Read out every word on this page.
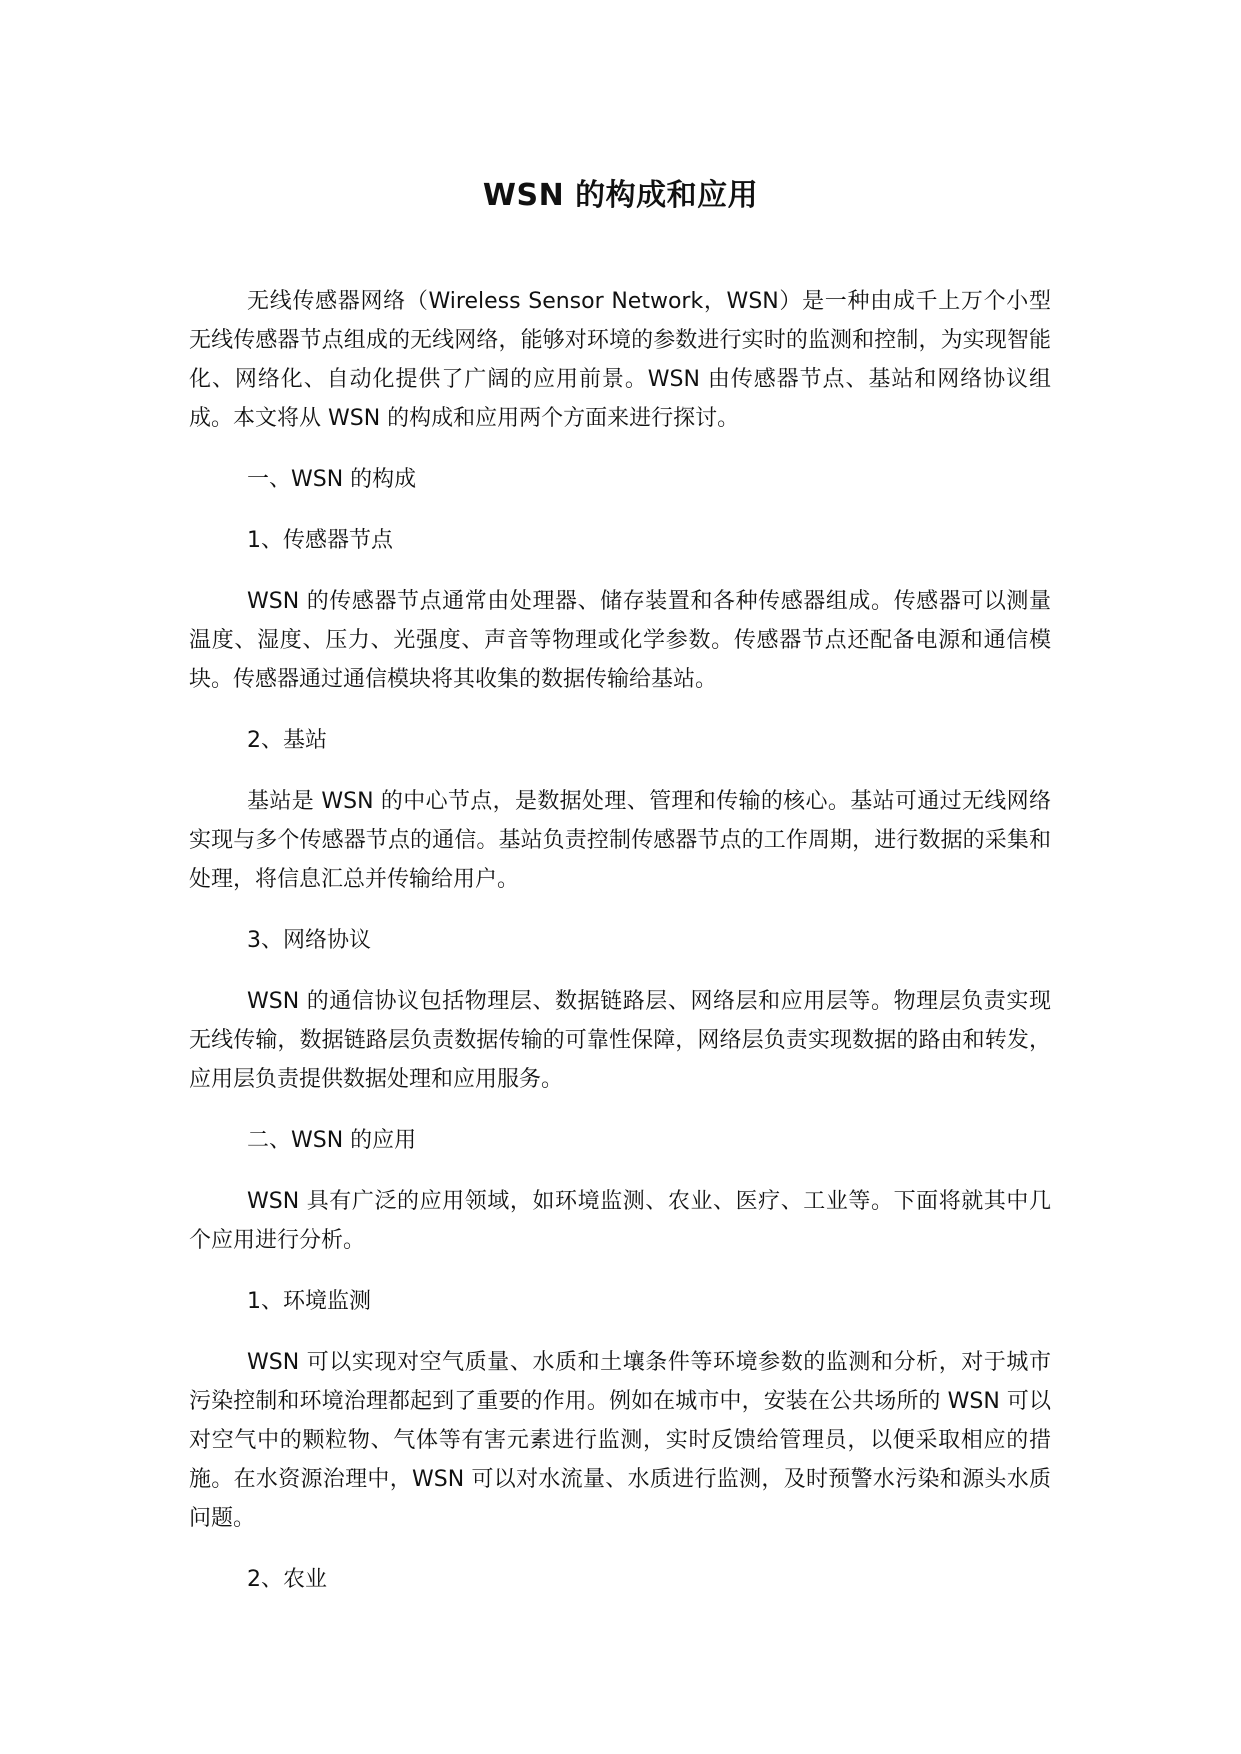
WSN 的构成和应用

无线传感器网络（Wireless Sensor Network，WSN）是一种由成千上万个小型无线传感器节点组成的无线网络，能够对环境的参数进行实时的监测和控制，为实现智能化、网络化、自动化提供了广阔的应用前景。WSN 由传感器节点、基站和网络协议组成。本文将从 WSN 的构成和应用两个方面来进行探讨。

一、WSN 的构成

1、传感器节点

WSN 的传感器节点通常由处理器、储存装置和各种传感器组成。传感器可以测量温度、湿度、压力、光强度、声音等物理或化学参数。传感器节点还配备电源和通信模块。传感器通过通信模块将其收集的数据传输给基站。

2、基站

基站是 WSN 的中心节点，是数据处理、管理和传输的核心。基站可通过无线网络实现与多个传感器节点的通信。基站负责控制传感器节点的工作周期，进行数据的采集和处理，将信息汇总并传输给用户。

3、网络协议

WSN 的通信协议包括物理层、数据链路层、网络层和应用层等。物理层负责实现无线传输，数据链路层负责数据传输的可靠性保障，网络层负责实现数据的路由和转发，应用层负责提供数据处理和应用服务。

二、WSN 的应用

WSN 具有广泛的应用领域，如环境监测、农业、医疗、工业等。下面将就其中几个应用进行分析。

1、环境监测

WSN 可以实现对空气质量、水质和土壤条件等环境参数的监测和分析，对于城市污染控制和环境治理都起到了重要的作用。例如在城市中，安装在公共场所的 WSN 可以对空气中的颗粒物、气体等有害元素进行监测，实时反馈给管理员，以便采取相应的措施。在水资源治理中，WSN 可以对水流量、水质进行监测，及时预警水污染和源头水质问题。

2、农业
